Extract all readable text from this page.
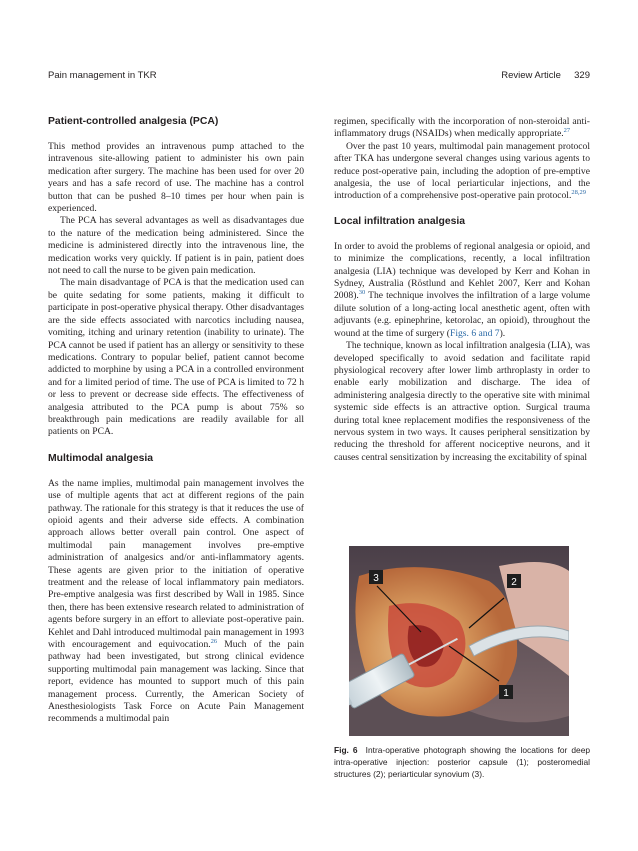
Pain management in TKR	Review Article 329
Patient-controlled analgesia (PCA)

This method provides an intravenous pump attached to the intravenous site-allowing patient to administer his own pain medication after surgery. The machine has been used for over 20 years and has a safe record of use. The machine has a control button that can be pushed 8–10 times per hour when pain is experienced.

The PCA has several advantages as well as disadvantages due to the nature of the medication being administered. Since the medicine is administered directly into the intravenous line, the medication works very quickly. If patient is in pain, patient does not need to call the nurse to be given pain medication.

The main disadvantage of PCA is that the medication used can be quite sedating for some patients, making it difficult to participate in post-operative physical therapy. Other disadvantages are the side effects associated with narcotics including nausea, vomiting, itching and urinary retention (inability to urinate). The PCA cannot be used if patient has an allergy or sensitivity to these medications. Contrary to popular belief, patient cannot become addicted to morphine by using a PCA in a controlled environment and for a limited period of time. The use of PCA is limited to 72 h or less to prevent or decrease side effects. The effectiveness of analgesia attributed to the PCA pump is about 75% so breakthrough pain medications are readily available for all patients on PCA.

Multimodal analgesia

As the name implies, multimodal pain management involves the use of multiple agents that act at different regions of the pain pathway. The rationale for this strategy is that it reduces the use of opioid agents and their adverse side effects. A combination approach allows better overall pain control. One aspect of multimodal pain management involves pre-emptive administration of analgesics and/or anti-inflammatory agents. These agents are given prior to the initiation of operative treatment and the release of local inflammatory pain mediators. Pre-emptive analgesia was first described by Wall in 1985. Since then, there has been extensive research related to administration of agents before surgery in an effort to alleviate post-operative pain. Kehlet and Dahl introduced multimodal pain management in 1993 with encouragement and equivocation.$^{26}$ Much of the pain pathway had been investigated, but strong clinical evidence supporting multimodal pain management was lacking. Since that report, evidence has mounted to support much of this pain management process. Currently, the American Society of Anesthesiologists Task Force on Acute Pain Management recommends a multimodal pain

regimen, specifically with the incorporation of non-steroidal anti-inflammatory drugs (NSAIDs) when medically appropriate.$^{27}$

Over the past 10 years, multimodal pain management protocol after TKA has undergone several changes using various agents to reduce post-operative pain, including the adoption of pre-emptive analgesia, the use of local periarticular injections, and the introduction of a comprehensive post-operative pain protocol.$^{28,29}$

Local infiltration analgesia

In order to avoid the problems of regional analgesia or opioid, and to minimize the complications, recently, a local infiltration analgesia (LIA) technique was developed by Kerr and Kohan in Sydney, Australia (Röstlund and Kehlet 2007, Kerr and Kohan 2008).$^{30}$ The technique involves the infiltration of a large volume dilute solution of a long-acting local anesthetic agent, often with adjuvants (e.g. epinephrine, ketorolac, an opioid), throughout the wound at the time of surgery (Figs. 6 and 7).

The technique, known as local infiltration analgesia (LIA), was developed specifically to avoid sedation and facilitate rapid physiological recovery after lower limb arthroplasty in order to enable early mobilization and discharge. The idea of administering analgesia directly to the operative site with minimal systemic side effects is an attractive option. Surgical trauma during total knee replacement modifies the responsiveness of the nervous system in two ways. It causes peripheral sensitization by reducing the threshold for afferent nociceptive neurons, and it causes central sensitization by increasing the excitability of spinal

3	2
1
Fig. 6 Intra-operative photograph showing the locations for deep intra-operative injection: posterior capsule (1); posteromedial structures (2); periarticular synovium (3).
